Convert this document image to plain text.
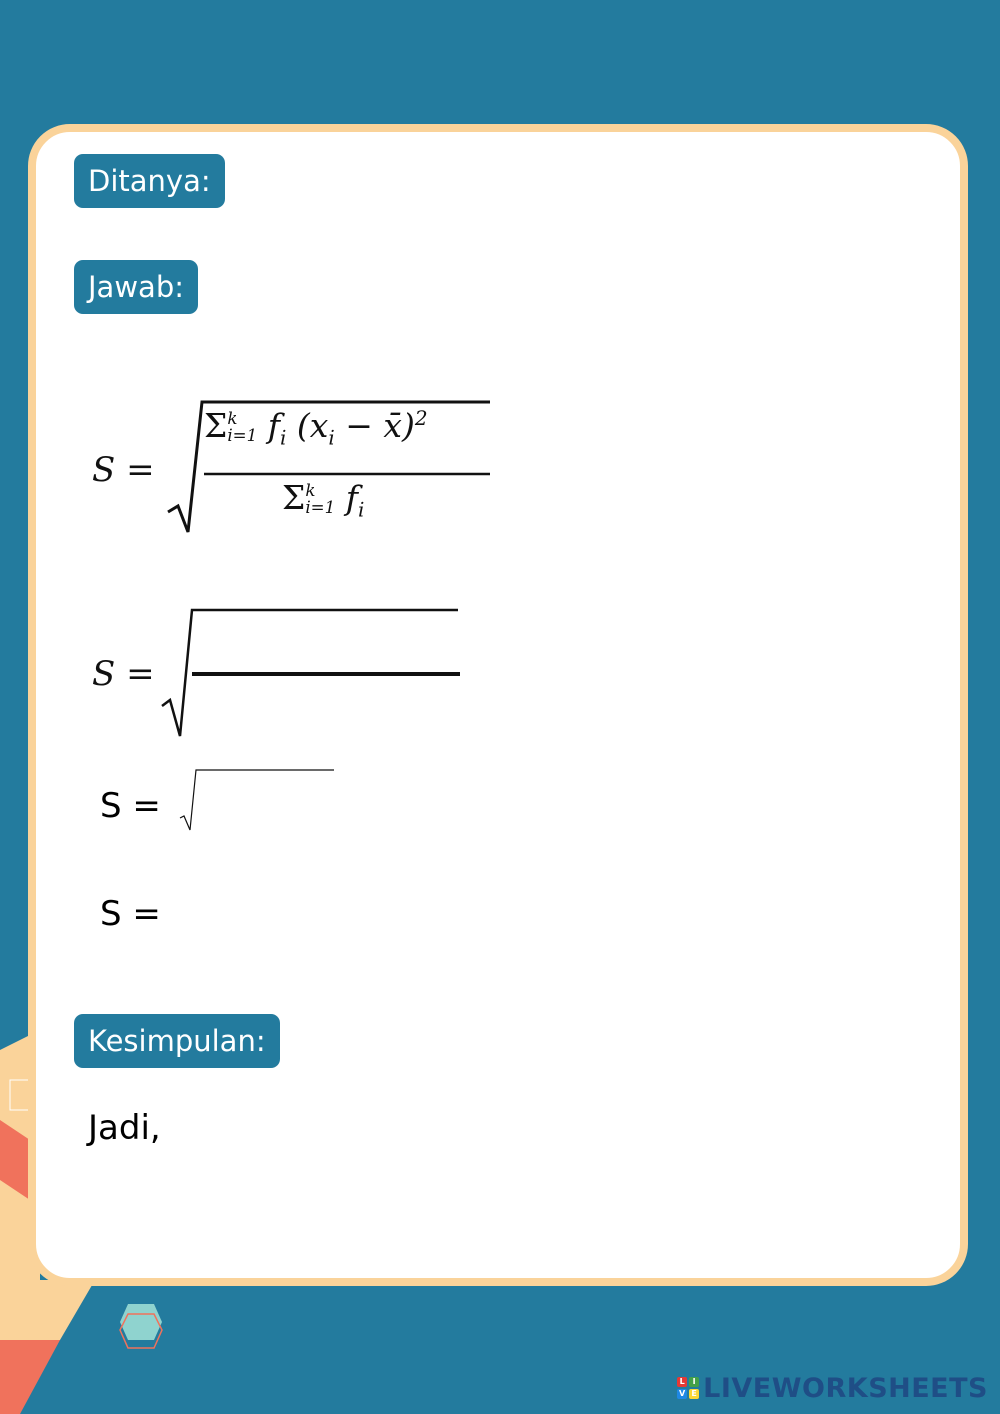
Ditanya:
Jawab:
S =
Σ k
i=1 $f_i$ ($x_i$ − x̄)$^2$
Σ k
i=1 $f_i$
S =
S =
S =
Kesimpulan:
Jadi,
L I
V E LIVEWORKSHEETS
